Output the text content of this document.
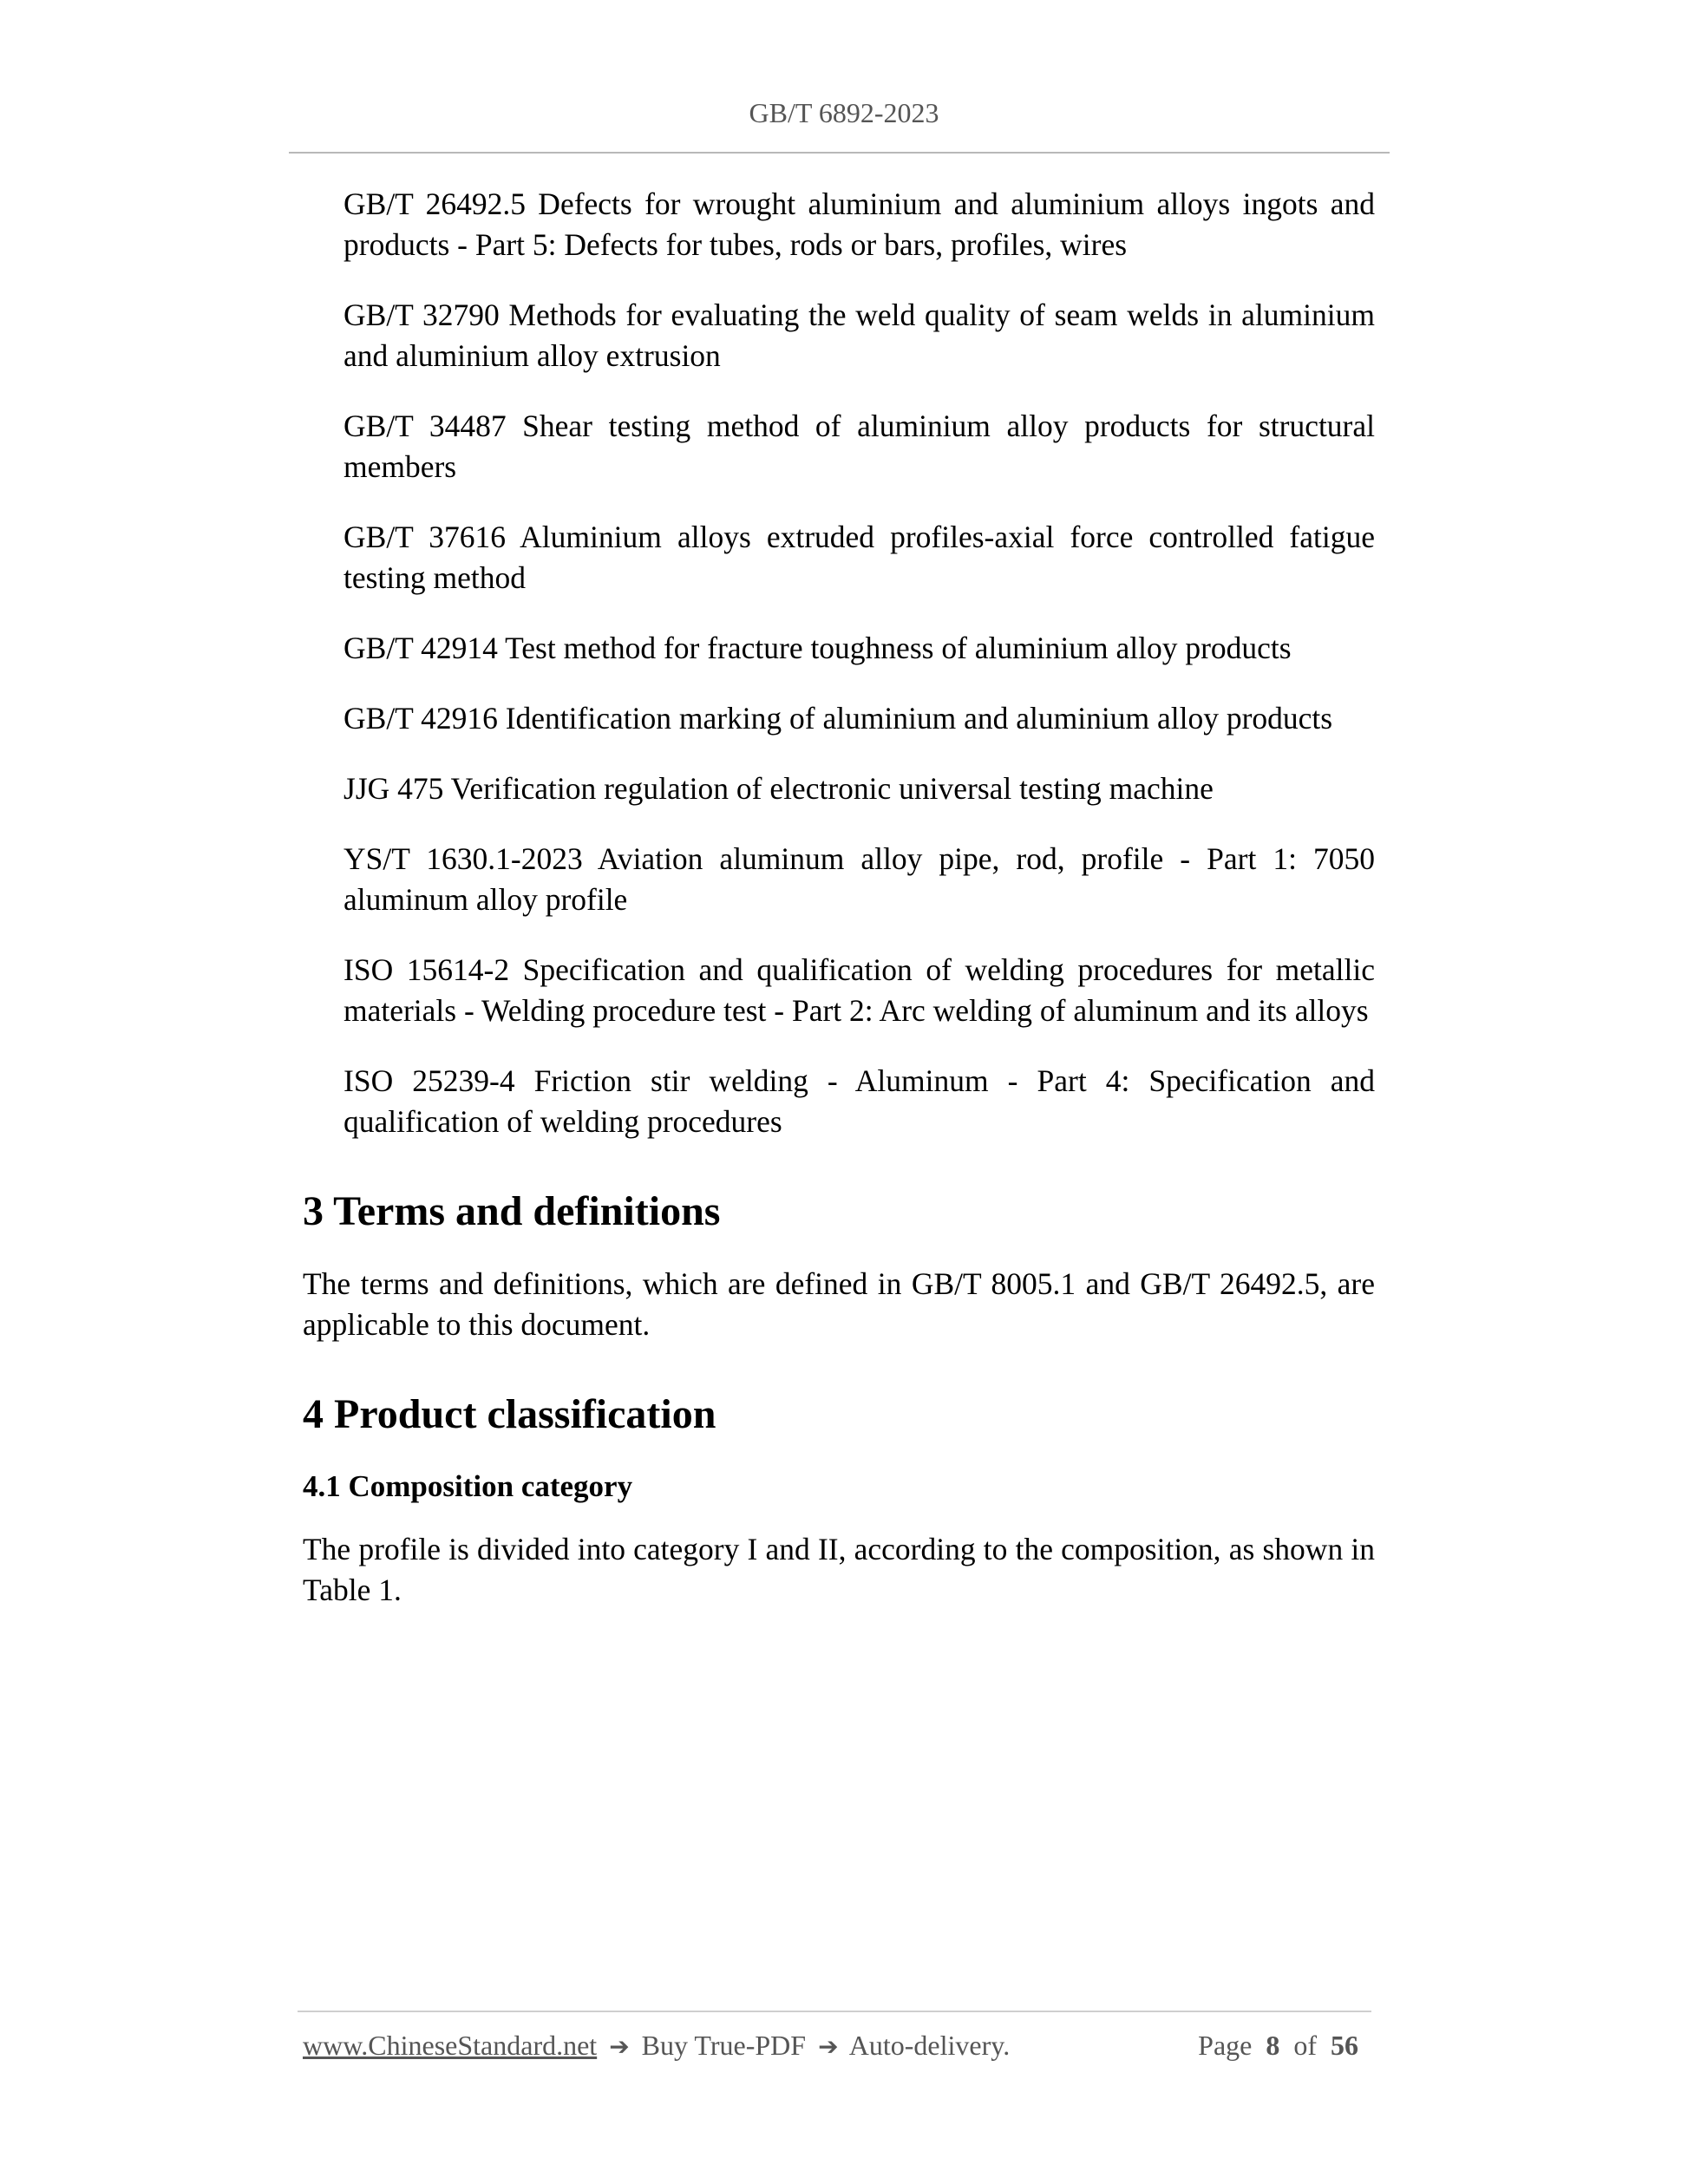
GB/T 6892-2023
GB/T 26492.5 Defects for wrought aluminium and aluminium alloys ingots and products - Part 5: Defects for tubes, rods or bars, profiles, wires
GB/T 32790 Methods for evaluating the weld quality of seam welds in aluminium and aluminium alloy extrusion
GB/T 34487 Shear testing method of aluminium alloy products for structural members
GB/T 37616 Aluminium alloys extruded profiles-axial force controlled fatigue testing method
GB/T 42914 Test method for fracture toughness of aluminium alloy products
GB/T 42916 Identification marking of aluminium and aluminium alloy products
JJG 475 Verification regulation of electronic universal testing machine
YS/T 1630.1-2023 Aviation aluminum alloy pipe, rod, profile - Part 1: 7050 aluminum alloy profile
ISO 15614-2 Specification and qualification of welding procedures for metallic materials - Welding procedure test - Part 2: Arc welding of aluminum and its alloys
ISO 25239-4 Friction stir welding - Aluminum - Part 4: Specification and qualification of welding procedures
3 Terms and definitions

The terms and definitions, which are defined in GB/T 8005.1 and GB/T 26492.5, are applicable to this document.

4 Product classification
4.1 Composition category

The profile is divided into category I and II, according to the composition, as shown in Table 1.

www.ChineseStandard.net ➔ Buy True-PDF ➔ Auto-delivery.	Page 8 of 56
